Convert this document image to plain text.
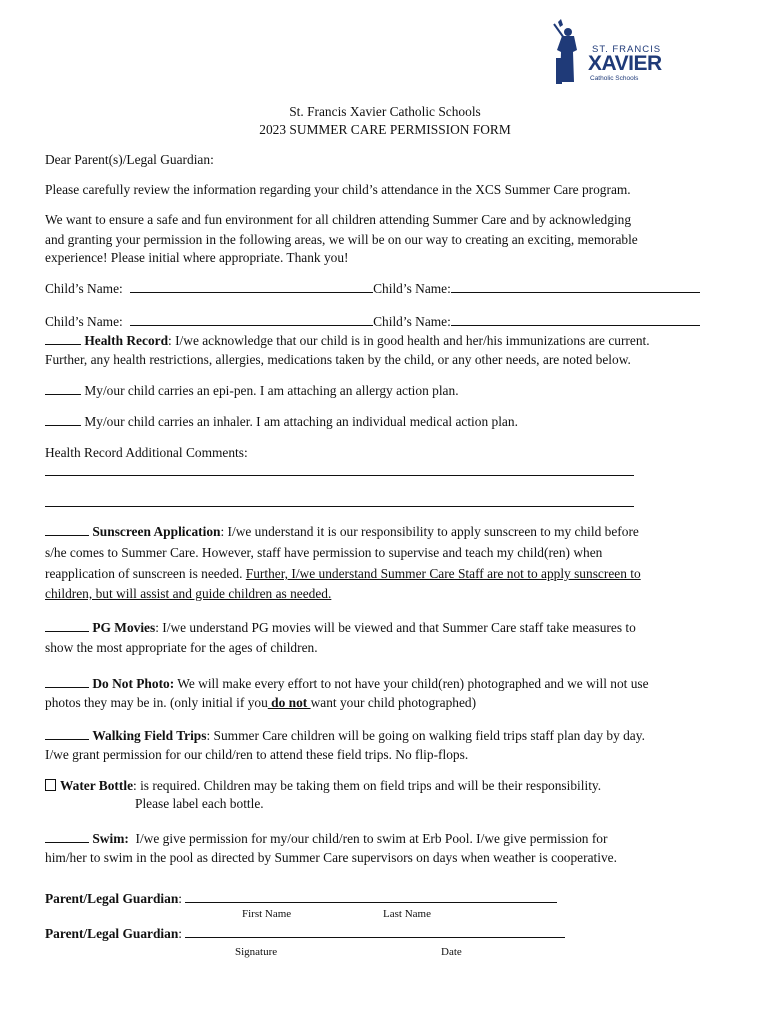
ST. FRANCIS
XAVIER
Catholic Schools
St. Francis Xavier Catholic Schools
2023 SUMMER CARE PERMISSION FORM
Dear Parent(s)/Legal Guardian:
Please carefully review the information regarding your child’s attendance in the XCS Summer Care program.
We want to ensure a safe and fun environment for all children attending Summer Care and by acknowledging
and granting your permission in the following areas, we will be on our way to creating an exciting, memorable
experience! Please initial where appropriate. Thank you!
Child’s Name:	Child’s Name:
Child’s Name:	Child’s Name:
Health Record: I/we acknowledge that our child is in good health and her/his immunizations are current.
Further, any health restrictions, allergies, medications taken by the child, or any other needs, are noted below.
My/our child carries an epi-pen. I am attaching an allergy action plan.
My/our child carries an inhaler. I am attaching an individual medical action plan.
Health Record Additional Comments:
Sunscreen Application: I/we understand it is our responsibility to apply sunscreen to my child before
s/he comes to Summer Care. However, staff have permission to supervise and teach my child(ren) when
reapplication of sunscreen is needed. Further, I/we understand Summer Care Staff are not to apply sunscreen to
children, but will assist and guide children as needed.
PG Movies: I/we understand PG movies will be viewed and that Summer Care staff take measures to
show the most appropriate for the ages of children.
Do Not Photo: We will make every effort to not have your child(ren) photographed and we will not use
photos they may be in. (only initial if you do not want your child photographed)
Walking Field Trips: Summer Care children will be going on walking field trips staff plan day by day.
I/we grant permission for our child/ren to attend these field trips. No flip-flops.
Water Bottle: is required. Children may be taking them on field trips and will be their responsibility.
Please label each bottle.
Swim:  I/we give permission for my/our child/ren to swim at Erb Pool. I/we give permission for
him/her to swim in the pool as directed by Summer Care supervisors on days when weather is cooperative.
Parent/Legal Guardian:
First Name	Last Name
Parent/Legal Guardian:
Signature	Date
